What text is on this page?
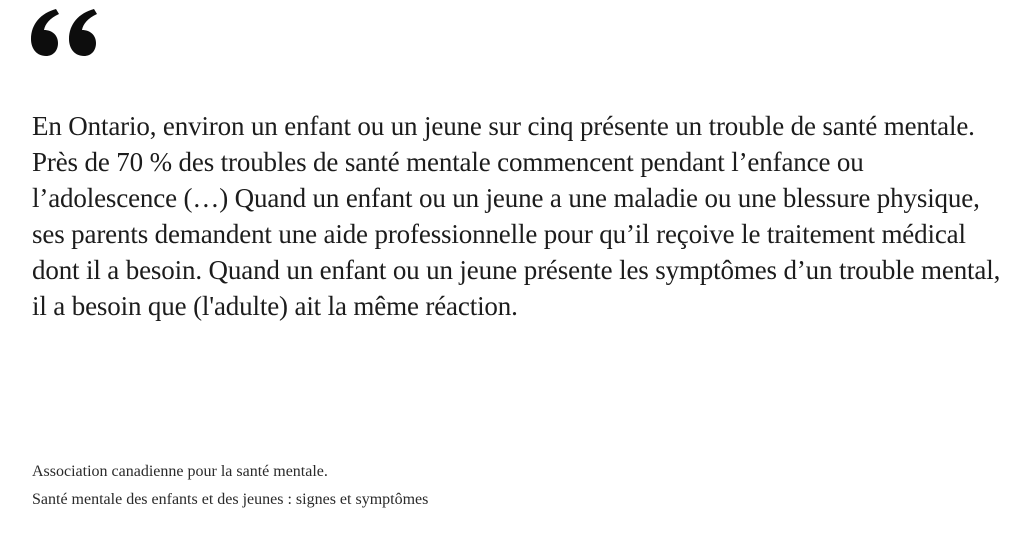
En Ontario, environ un enfant ou un jeune sur cinq présente un trouble de santé mentale. Près de 70 % des troubles de santé mentale commencent pendant l’enfance ou l’adolescence (…) Quand un enfant ou un jeune a une maladie ou une blessure physique, ses parents demandent une aide professionnelle pour qu’il reçoive le traitement médical dont il a besoin. Quand un enfant ou un jeune présente les symptômes d’un trouble mental, il a besoin que (l'adulte) ait la même réaction.

Association canadienne pour la santé mentale.
Santé mentale des enfants et des jeunes : signes et symptômes
